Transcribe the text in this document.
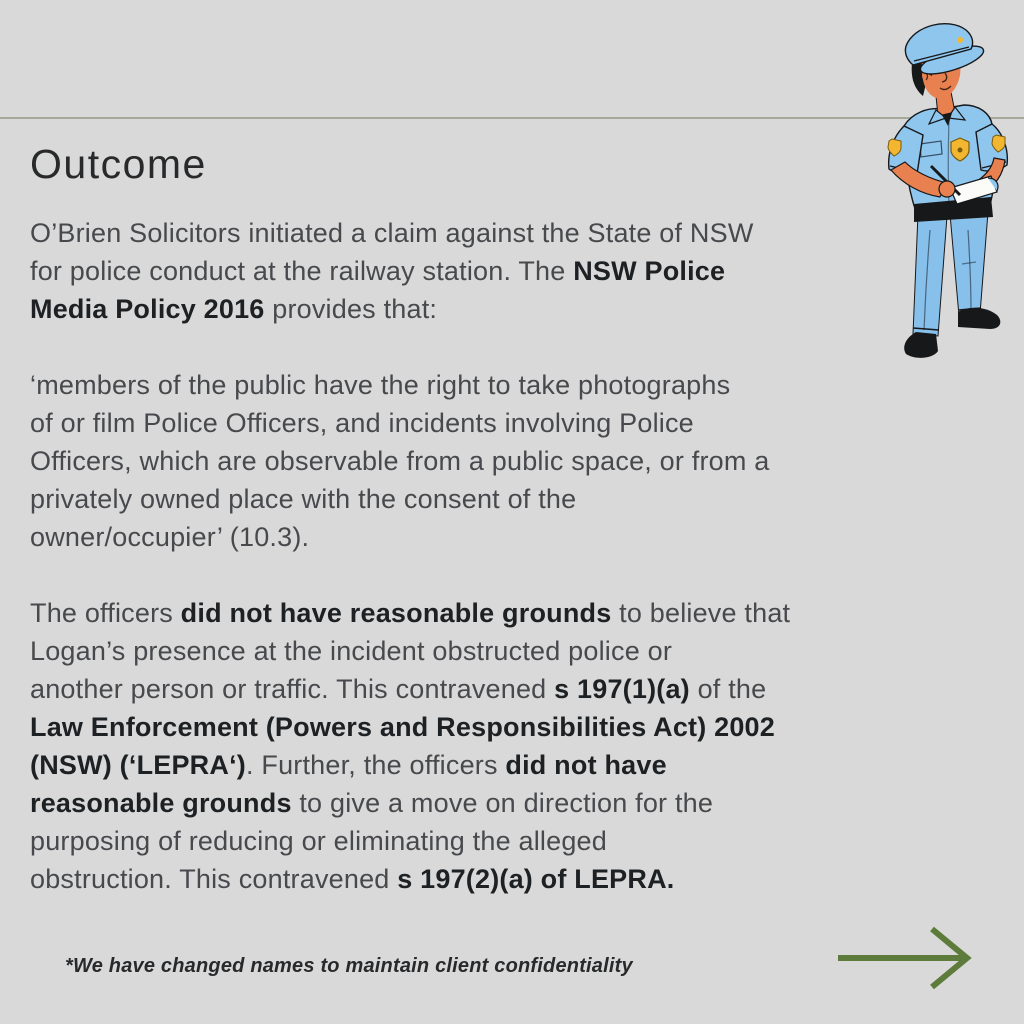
Outcome
O’Brien Solicitors initiated a claim against the State of NSW
for police conduct at the railway station. The NSW Police
Media Policy 2016 provides that:
‘members of the public have the right to take photographs
of or film Police Officers, and incidents involving Police
Officers, which are observable from a public space, or from a
privately owned place with the consent of the
owner/occupier’ (10.3).
The officers did not have reasonable grounds to believe that
Logan’s presence at the incident obstructed police or
another person or traffic. This contravened s 197(1)(a) of the
Law Enforcement (Powers and Responsibilities Act) 2002
(NSW) (‘LEPRA‘). Further, the officers did not have
reasonable grounds to give a move on direction for the
purposing of reducing or eliminating the alleged
obstruction. This contravened s 197(2)(a) of LEPRA.
*We have changed names to maintain client confidentiality
